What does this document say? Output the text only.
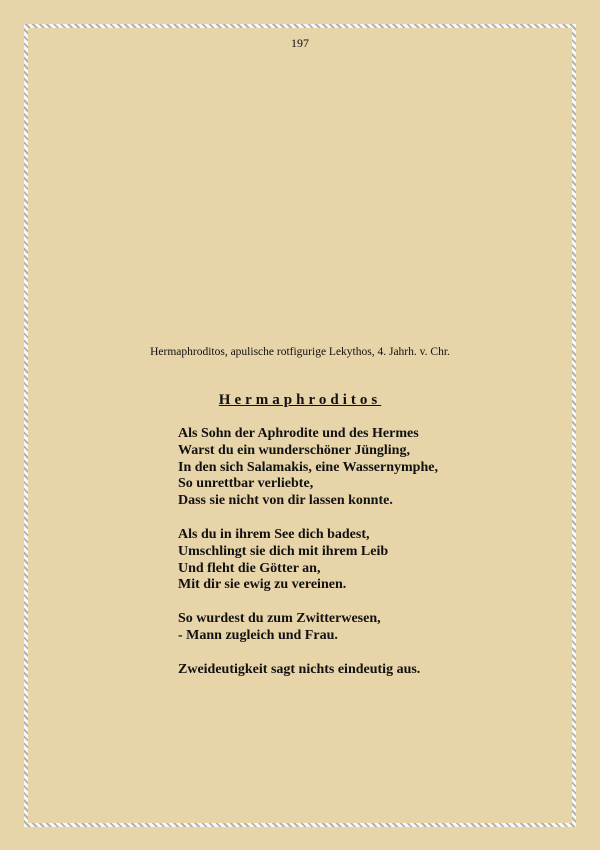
197
Hermaphroditos, apulische rotfigurige Lekythos, 4. Jahrh. v. Chr.
Hermaphroditos
Als Sohn der Aphrodite und des Hermes
Warst du ein wunderschöner Jüngling,
In den sich Salamakis, eine Wassernymphe,
So unrettbar verliebte,
Dass sie nicht von dir lassen konnte.
Als du in ihrem See dich badest,
Umschlingt sie dich mit ihrem Leib
Und fleht die Götter an,
Mit dir sie ewig zu vereinen.
So wurdest du zum Zwitterwesen,
- Mann zugleich und Frau.
Zweideutigkeit sagt nichts eindeutig aus.
